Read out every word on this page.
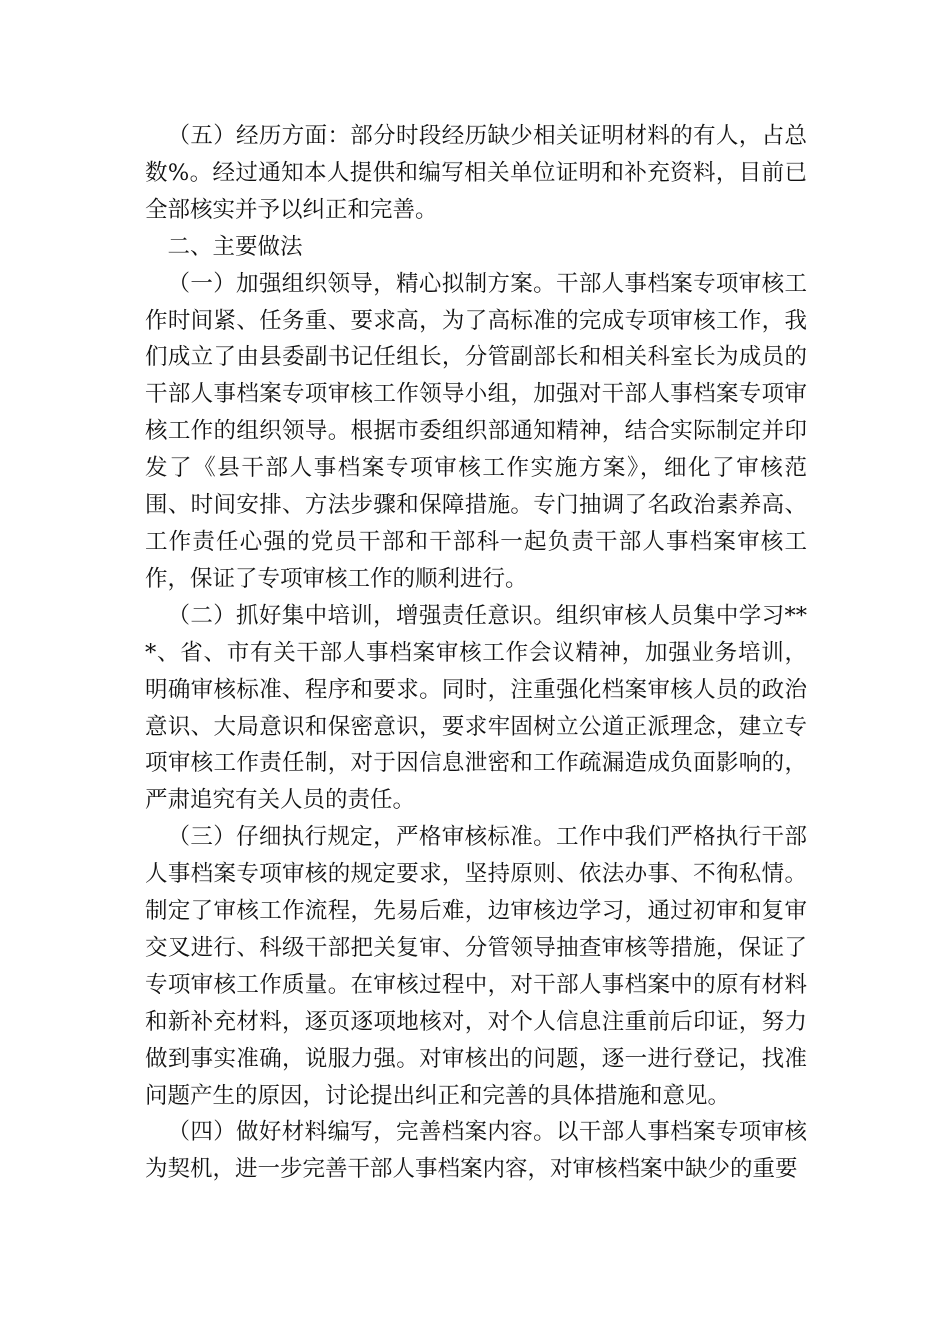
（五）经历方面：部分时段经历缺少相关证明材料的有人，占总数%。经过通知本人提供和编写相关单位证明和补充资料，目前已全部核实并予以纠正和完善。

二、主要做法

（一）加强组织领导，精心拟制方案。干部人事档案专项审核工作时间紧、任务重、要求高，为了高标准的完成专项审核工作，我们成立了由县委副书记任组长，分管副部长和相关科室长为成员的干部人事档案专项审核工作领导小组，加强对干部人事档案专项审核工作的组织领导。根据市委组织部通知精神，结合实际制定并印发了《县干部人事档案专项审核工作实施方案》，细化了审核范围、时间安排、方法步骤和保障措施。专门抽调了名政治素养高、工作责任心强的党员干部和干部科一起负责干部人事档案审核工作，保证了专项审核工作的顺利进行。

（二）抓好集中培训，增强责任意识。组织审核人员集中学习***、省、市有关干部人事档案审核工作会议精神，加强业务培训，明确审核标准、程序和要求。同时，注重强化档案审核人员的政治意识、大局意识和保密意识，要求牢固树立公道正派理念，建立专项审核工作责任制，对于因信息泄密和工作疏漏造成负面影响的，严肃追究有关人员的责任。

（三）仔细执行规定，严格审核标准。工作中我们严格执行干部人事档案专项审核的规定要求，坚持原则、依法办事、不徇私情。制定了审核工作流程，先易后难，边审核边学习，通过初审和复审交叉进行、科级干部把关复审、分管领导抽查审核等措施，保证了专项审核工作质量。在审核过程中，对干部人事档案中的原有材料和新补充材料，逐页逐项地核对，对个人信息注重前后印证，努力做到事实准确，说服力强。对审核出的问题，逐一进行登记，找准问题产生的原因，讨论提出纠正和完善的具体措施和意见。

（四）做好材料编写，完善档案内容。以干部人事档案专项审核为契机，进一步完善干部人事档案内容，对审核档案中缺少的重要
